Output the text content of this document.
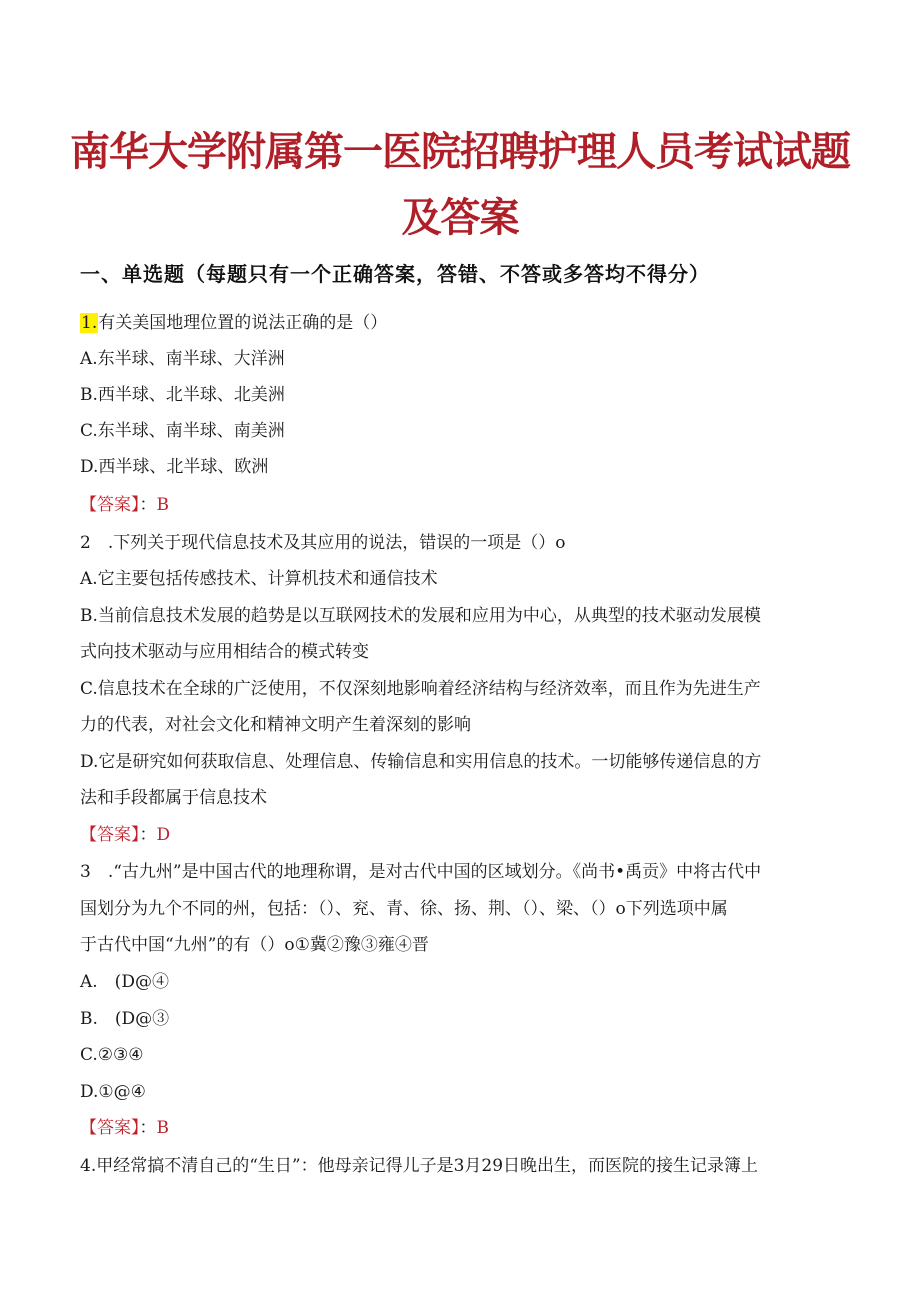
南华大学附属第一医院招聘护理人员考试试题
及答案
一、单选题（每题只有一个正确答案，答错、不答或多答均不得分）
1.有关美国地理位置的说法正确的是（）
A.东半球、南半球、大洋洲
B.西半球、北半球、北美洲
C.东半球、南半球、南美洲
D.西半球、北半球、欧洲
【答案】：B
2　.下列关于现代信息技术及其应用的说法，错误的一项是（）o
A.它主要包括传感技术、计算机技术和通信技术
B.当前信息技术发展的趋势是以互联网技术的发展和应用为中心，从典型的技术驱动发展模
式向技术驱动与应用相结合的模式转变
C.信息技术在全球的广泛使用，不仅深刻地影响着经济结构与经济效率，而且作为先进生产
力的代表，对社会文化和精神文明产生着深刻的影响
D.它是研究如何获取信息、处理信息、传输信息和实用信息的技术。一切能够传递信息的方
法和手段都属于信息技术
【答案】：D
3　.“古九州”是中国古代的地理称谓，是对古代中国的区域划分。《尚书•禹贡》中将古代中
国划分为九个不同的州，包括：（）、兖、青、徐、扬、荆、（）、梁、（）o下列选项中属
于古代中国“九州”的有（）o①冀②豫③雍④晋
A.　(D@④
B.　(D@③
C.②③④
D.①@④
【答案】：B
4.甲经常搞不清自己的“生日”：他母亲记得儿子是3月29日晚出生，而医院的接生记录簿上
